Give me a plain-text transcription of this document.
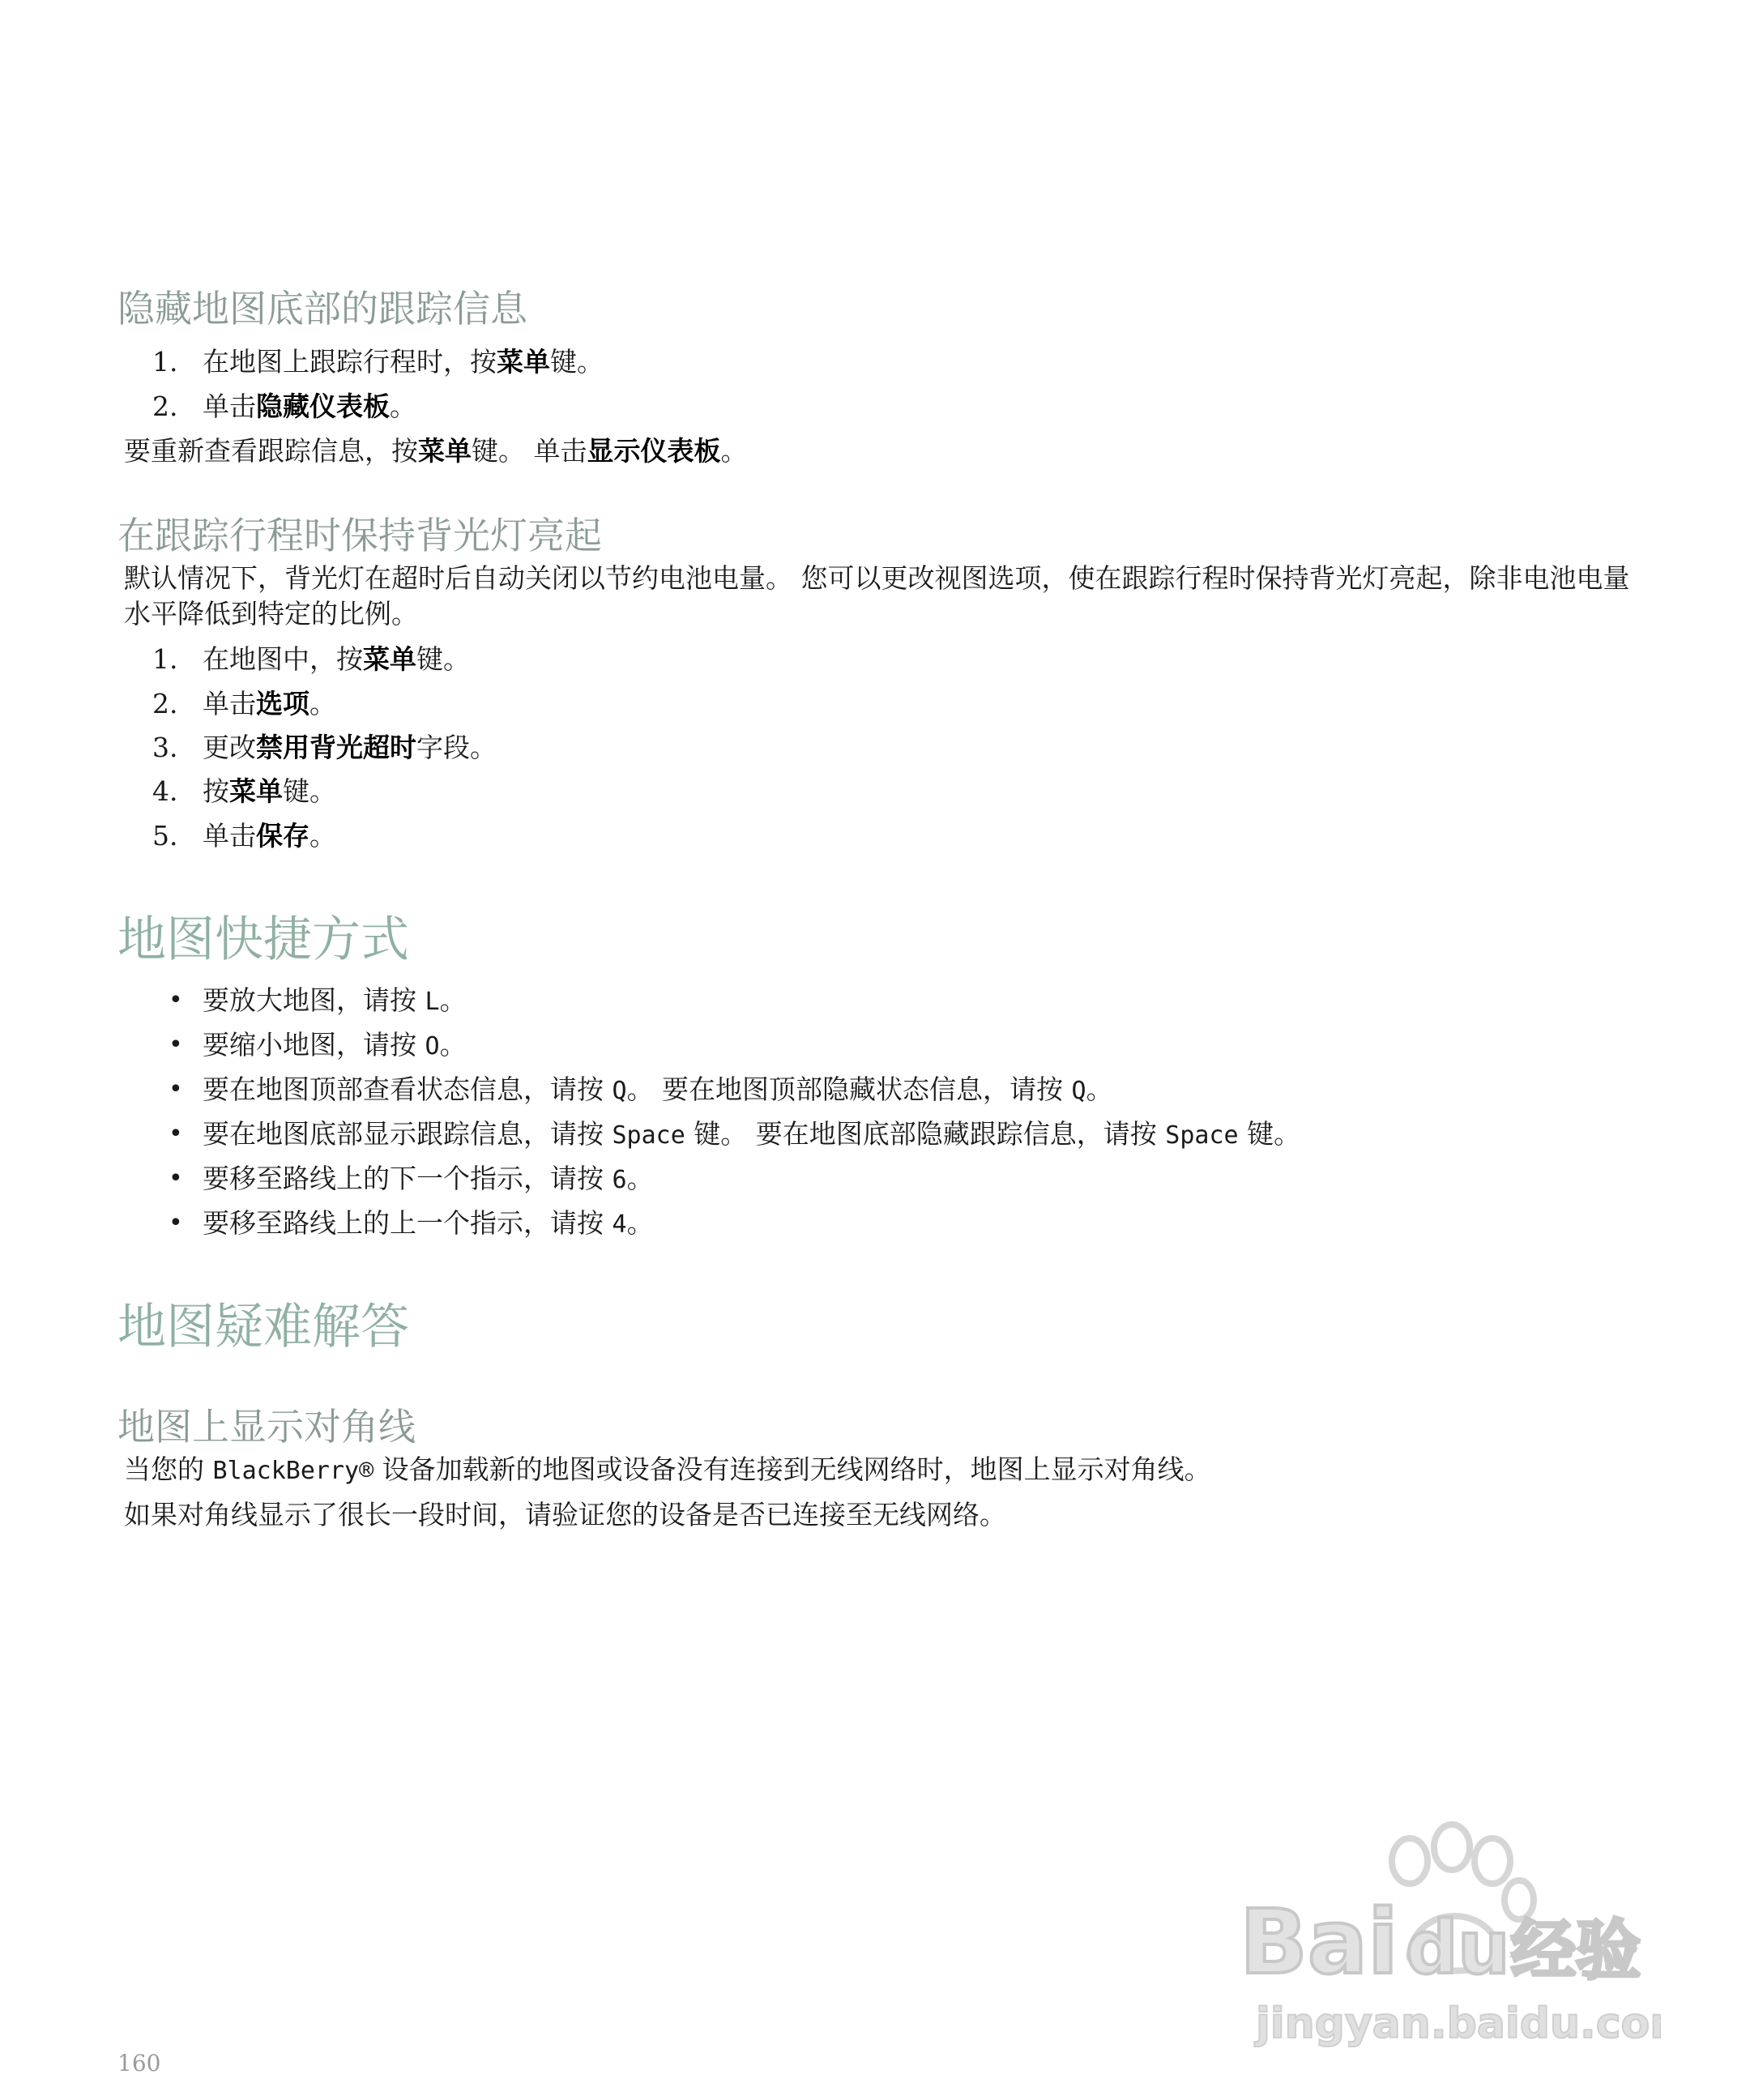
隐藏地图底部的跟踪信息
1. 在地图上跟踪行程时，按菜单键。
2. 单击隐藏仪表板。

要重新查看跟踪信息，按菜单键。 单击显示仪表板。

在跟踪行程时保持背光灯亮起

默认情况下，背光灯在超时后自动关闭以节约电池电量。 您可以更改视图选项，使在跟踪行程时保持背光灯亮起，除非电池电量水平降低到特定的比例。

1. 在地图中，按菜单键。
2. 单击选项。
3. 更改禁用背光超时字段。
4. 按菜单键。
5. 单击保存。
地图快捷方式
• 要放大地图，请按 L。
• 要缩小地图，请按 O。
• 要在地图顶部查看状态信息，请按 Q。 要在地图顶部隐藏状态信息，请按 Q。
• 要在地图底部显示跟踪信息，请按 Space 键。 要在地图底部隐藏跟踪信息，请按 Space 键。
• 要移至路线上的下一个指示，请按 6。
• 要移至路线上的上一个指示，请按 4。
地图疑难解答
地图上显示对角线

当您的 BlackBerry® 设备加载新的地图或设备没有连接到无线网络时，地图上显示对角线。

如果对角线显示了很长一段时间，请验证您的设备是否已连接至无线网络。

Bai du 经验
jingyan.baidu.com
160
